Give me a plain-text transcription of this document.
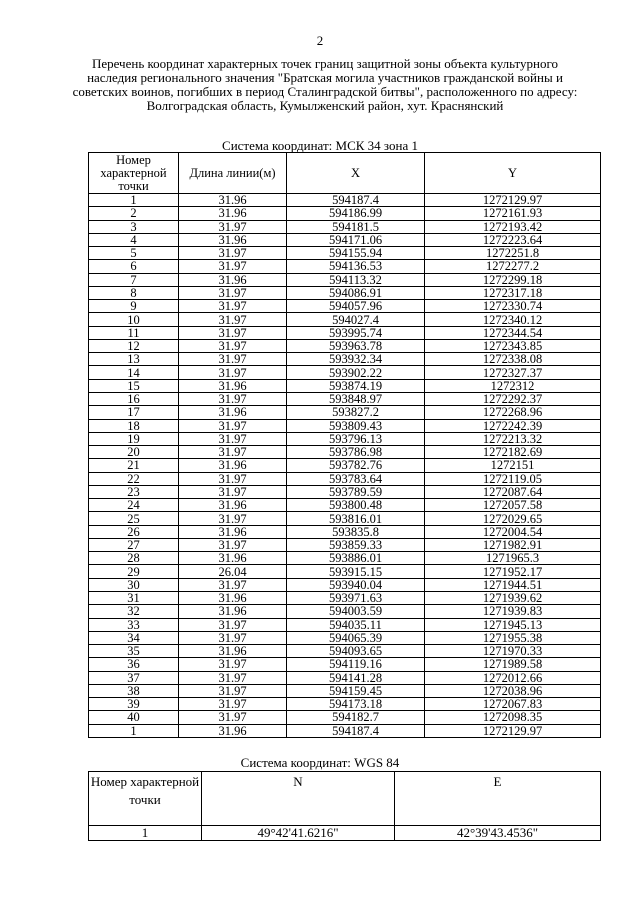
2
Перечень координат характерных точек границ защитной зоны объекта культурного наследия регионального значения "Братская могила участников гражданской войны и советских воинов, погибших в период Сталинградской битвы", расположенного по адресу: Волгоградская область, Кумылженский район, хут. Краснянский
Система координат: МСК 34 зона 1
Номер характерной точки	Длина линии(м)	X	Y
1	31.96	594187.4	1272129.97
2	31.96	594186.99	1272161.93
3	31.97	594181.5	1272193.42
4	31.96	594171.06	1272223.64
5	31.97	594155.94	1272251.8
6	31.97	594136.53	1272277.2
7	31.96	594113.32	1272299.18
8	31.97	594086.91	1272317.18
9	31.97	594057.96	1272330.74
10	31.97	594027.4	1272340.12
11	31.97	593995.74	1272344.54
12	31.97	593963.78	1272343.85
13	31.97	593932.34	1272338.08
14	31.97	593902.22	1272327.37
15	31.96	593874.19	1272312
16	31.97	593848.97	1272292.37
17	31.96	593827.2	1272268.96
18	31.97	593809.43	1272242.39
19	31.97	593796.13	1272213.32
20	31.97	593786.98	1272182.69
21	31.96	593782.76	1272151
22	31.97	593783.64	1272119.05
23	31.97	593789.59	1272087.64
24	31.96	593800.48	1272057.58
25	31.97	593816.01	1272029.65
26	31.96	593835.8	1272004.54
27	31.97	593859.33	1271982.91
28	31.96	593886.01	1271965.3
29	26.04	593915.15	1271952.17
30	31.97	593940.04	1271944.51
31	31.96	593971.63	1271939.62
32	31.96	594003.59	1271939.83
33	31.97	594035.11	1271945.13
34	31.97	594065.39	1271955.38
35	31.96	594093.65	1271970.33
36	31.97	594119.16	1271989.58
37	31.97	594141.28	1272012.66
38	31.97	594159.45	1272038.96
39	31.97	594173.18	1272067.83
40	31.97	594182.7	1272098.35
1	31.96	594187.4	1272129.97
Система координат: WGS 84
Номер характерной точки	N	E
1	49°42'41.6216"	42°39'43.4536"
